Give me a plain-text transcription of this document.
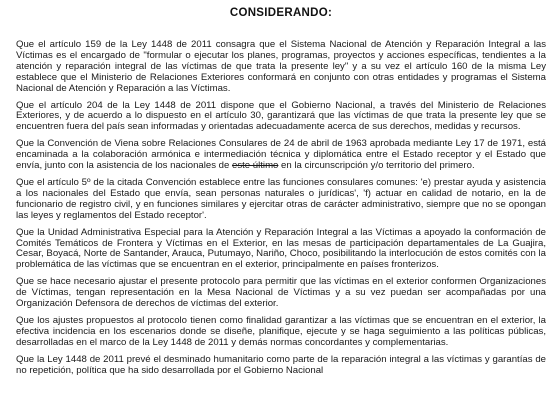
CONSIDERANDO:

Que el artículo 159 de la Ley 1448 de 2011 consagra que el Sistema Nacional de Atención y Reparación Integral a las Víctimas es el encargado de "formular o ejecutar los planes, programas, proyectos y acciones específicas, tendientes a la atención y reparación integral de las víctimas de que trata la presente ley" y a su vez el artículo 160 de la misma Ley establece que el Ministerio de Relaciones Exteriores conformará en conjunto con otras entidades y programas el Sistema Nacional de Atención y Reparación a las Víctimas.

Que el artículo 204 de la Ley 1448 de 2011 dispone que el Gobierno Nacional, a través del Ministerio de Relaciones Exteriores, y de acuerdo a lo dispuesto en el artículo 30, garantizará que las víctimas de que trata la presente ley que se encuentren fuera del país sean informadas y orientadas adecuadamente acerca de sus derechos, medidas y recursos.

Que la Convención de Viena sobre Relaciones Consulares de 24 de abril de 1963 aprobada mediante Ley 17 de 1971, está encaminada a la colaboración armónica e intermediación técnica y diplomática entre el Estado receptor y el Estado que envía, junto con la asistencia de los nacionales de este último en la circunscripción y/o territorio del primero.

Que el artículo 5º de la citada Convención establece entre las funciones consulares comunes: 'e) prestar ayuda y asistencia a los nacionales del Estado que envía, sean personas naturales o jurídicas', 'f) actuar en calidad de notario, en la de funcionario de registro civil, y en funciones similares y ejercitar otras de carácter administrativo, siempre que no se opongan las leyes y reglamentos del Estado receptor'.

Que la Unidad Administrativa Especial para la Atención y Reparación Integral a las Víctimas a apoyado la conformación de Comités Temáticos de Frontera y Víctimas en el Exterior, en las mesas de participación departamentales de La Guajira, Cesar, Boyacá, Norte de Santander, Arauca, Putumayo, Nariño, Choco, posibilitando la interlocución de estos comités con la problemática de las víctimas que se encuentran en el exterior, principalmente en países fronterizos.

Que se hace necesario ajustar el presente protocolo para permitir que las víctimas en el exterior conformen Organizaciones de Víctimas, tengan representación en la Mesa Nacional de Víctimas y a su vez puedan ser acompañadas por una Organización Defensora de derechos de víctimas del exterior.

Que los ajustes propuestos al protocolo tienen como finalidad garantizar a las víctimas que se encuentran en el exterior, la efectiva incidencia en los escenarios donde se diseñe, planifique, ejecute y se haga seguimiento a las políticas públicas, desarrolladas en el marco de la Ley 1448 de 2011 y demás normas concordantes y complementarias.

Que la Ley 1448 de 2011 prevé el desminado humanitario como parte de la reparación integral a las víctimas y garantías de no repetición, política que ha sido desarrollada por el Gobierno Nacional
